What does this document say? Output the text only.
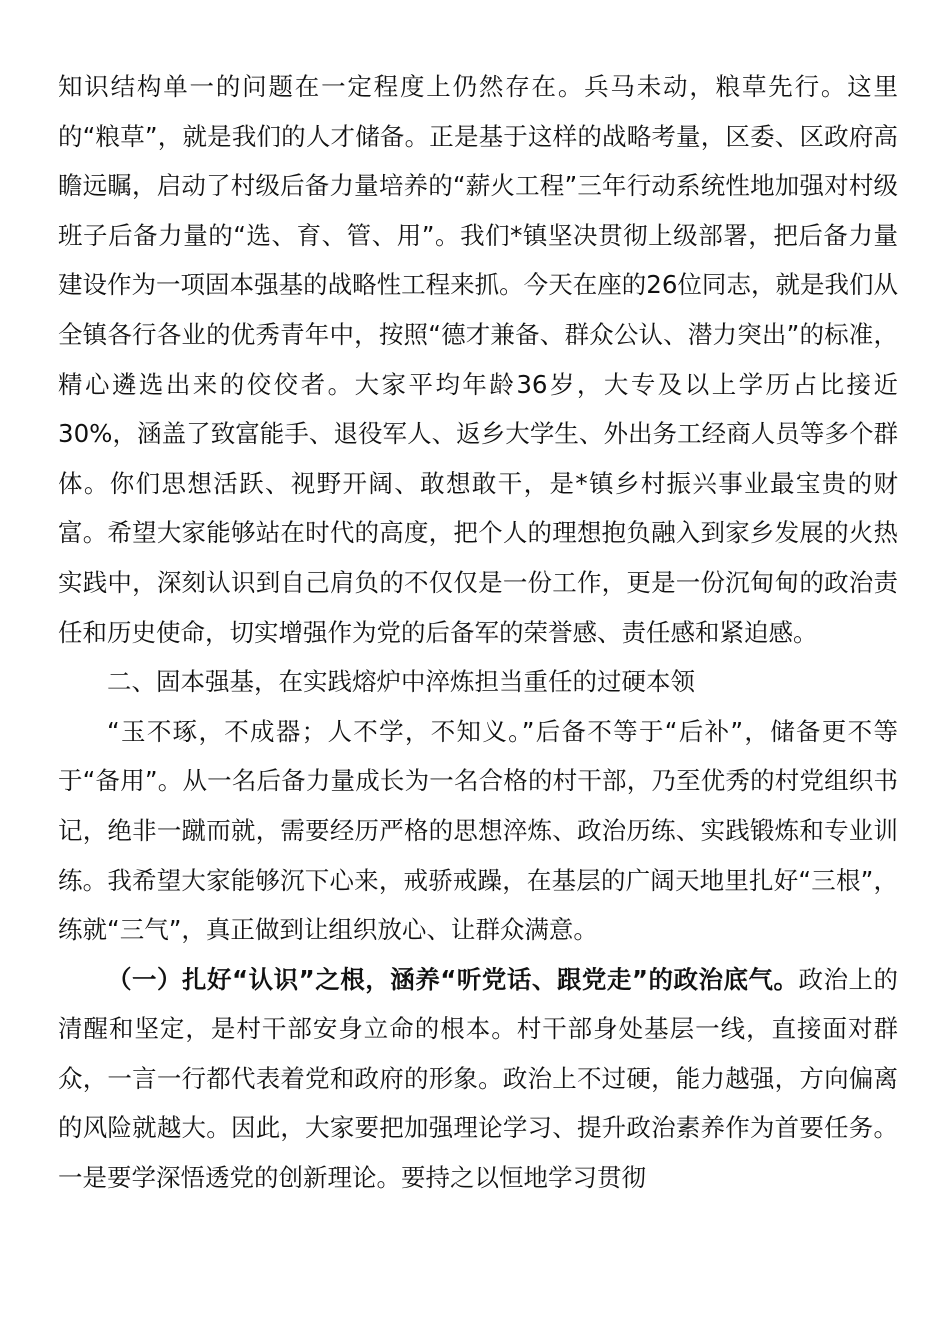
知识结构单一的问题在一定程度上仍然存在。兵马未动，粮草先行。这里的“粮草”，就是我们的人才储备。正是基于这样的战略考量，区委、区政府高瞻远瞩，启动了村级后备力量培养的“薪火工程”三年行动系统性地加强对村级班子后备力量的“选、育、管、用”。我们*镇坚决贯彻上级部署，把后备力量建设作为一项固本强基的战略性工程来抓。今天在座的26位同志，就是我们从全镇各行各业的优秀青年中，按照“德才兼备、群众公认、潜力突出”的标准，精心遴选出来的佼佼者。大家平均年龄36岁，大专及以上学历占比接近30%，涵盖了致富能手、退役军人、返乡大学生、外出务工经商人员等多个群体。你们思想活跃、视野开阔、敢想敢干，是*镇乡村振兴事业最宝贵的财富。希望大家能够站在时代的高度，把个人的理想抱负融入到家乡发展的火热实践中，深刻认识到自己肩负的不仅仅是一份工作，更是一份沉甸甸的政治责任和历史使命，切实增强作为党的后备军的荣誉感、责任感和紧迫感。

二、固本强基，在实践熔炉中淬炼担当重任的过硬本领

“玉不琢，不成器；人不学，不知义。”后备不等于“后补”，储备更不等于“备用”。从一名后备力量成长为一名合格的村干部，乃至优秀的村党组织书记，绝非一蹴而就，需要经历严格的思想淬炼、政治历练、实践锻炼和专业训练。我希望大家能够沉下心来，戒骄戒躁，在基层的广阔天地里扎好“三根”，练就“三气”，真正做到让组织放心、让群众满意。

（一）扎好“认识”之根，涵养“听党话、跟党走”的政治底气。政治上的清醒和坚定，是村干部安身立命的根本。村干部身处基层一线，直接面对群众，一言一行都代表着党和政府的形象。政治上不过硬，能力越强，方向偏离的风险就越大。因此，大家要把加强理论学习、提升政治素养作为首要任务。一是要学深悟透党的创新理论。要持之以恒地学习贯彻
